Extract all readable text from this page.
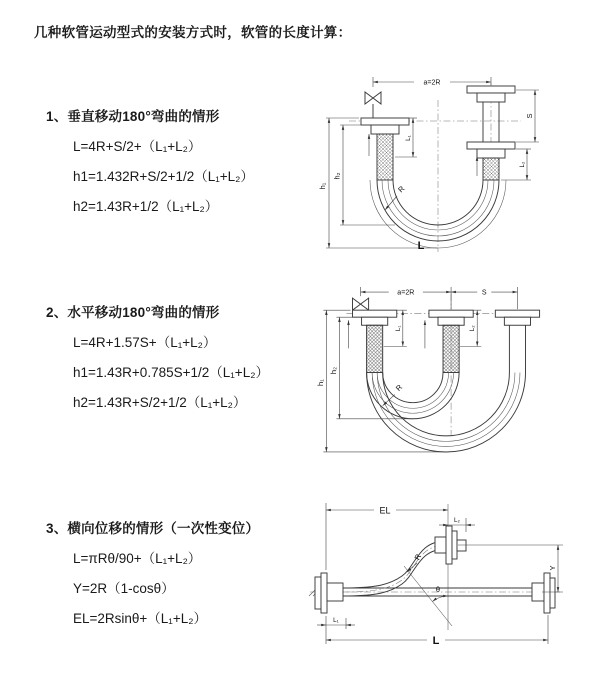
几种软管运动型式的安装方式时，软管的长度计算：
1、垂直移动180°弯曲的情形
L=4R+S/2+（L₁+L₂）
h1=1.432R+S/2+1/2（L₁+L₂）
h2=1.43R+1/2（L₁+L₂）
2、水平移动180°弯曲的情形
L=4R+1.57S+（L₁+L₂）
h1=1.43R+0.785S+1/2（L₁+L₂）
h2=1.43R+S/2+1/2（L₁+L₂）
3、横向位移的情形（一次性变位）
L=πRθ/90+（L₁+L₂）
Y=2R（1-cosθ）
EL=2Rsinθ+（L₁+L₂）
a=2R
h₁
h₂
L₁
S
L₂
R
L
a=2R	S
h₁
h₂
L₁	L₂
R
EL
L₂
Y
θ
R
L₁
L
